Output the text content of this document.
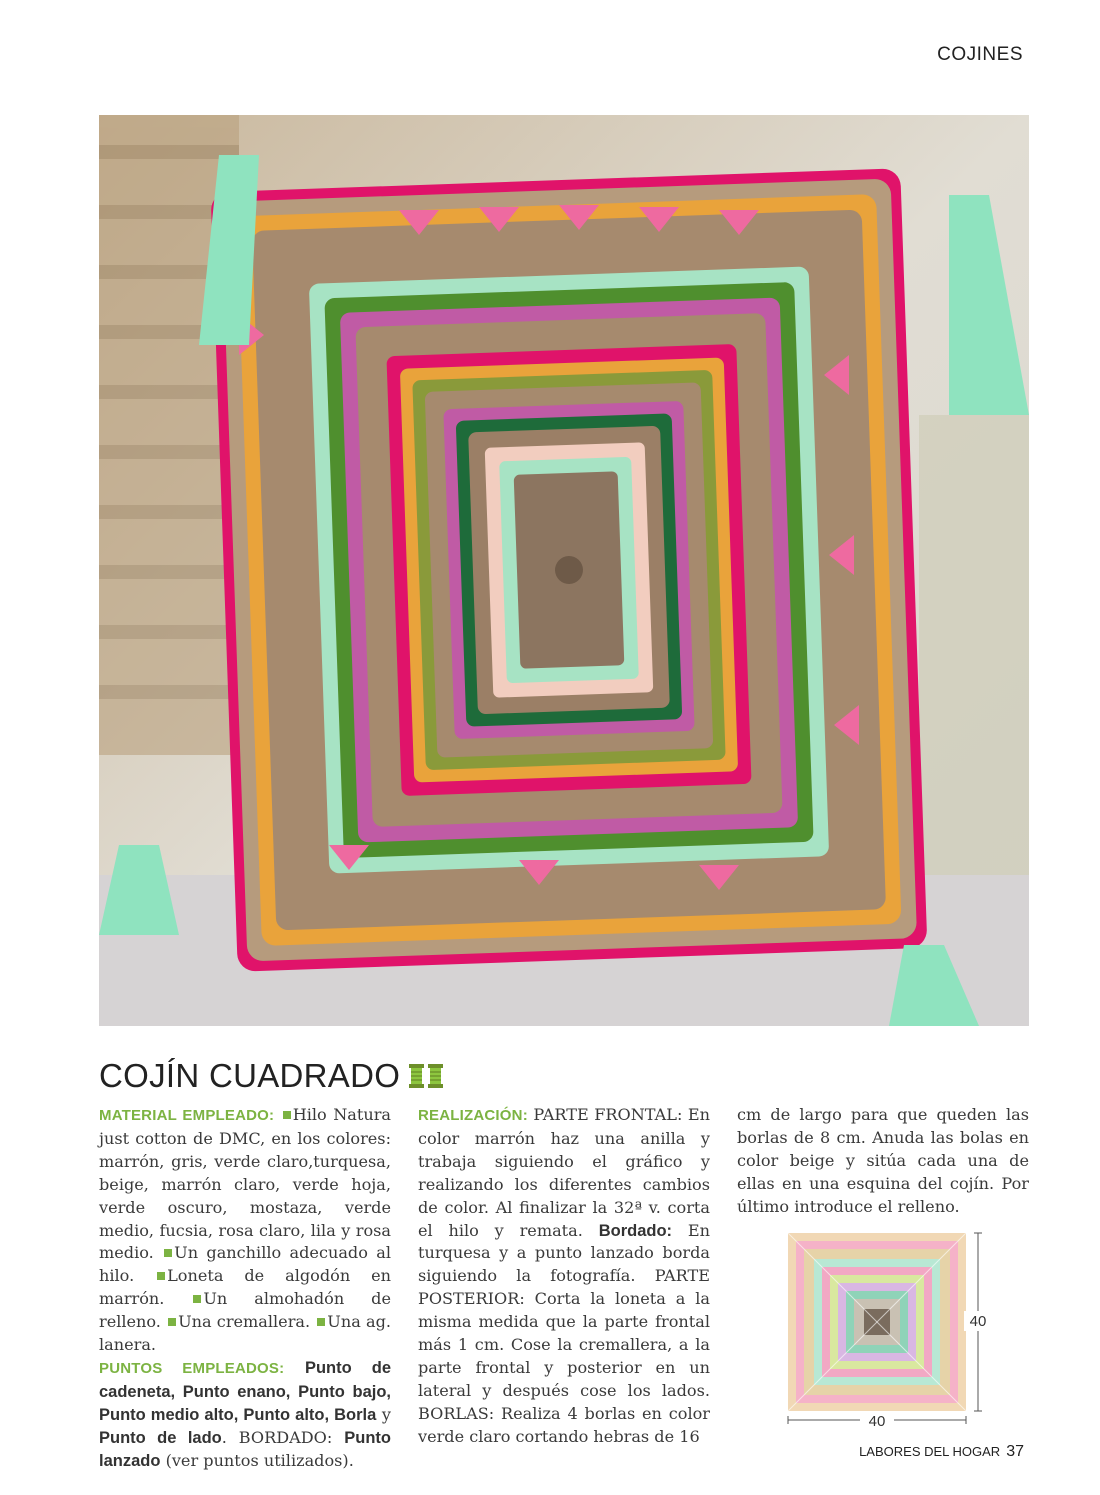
COJINES
COJÍN CUADRADO

MATERIAL EMPLEADO: Hilo Natura just cotton de DMC, en los colores: marrón, gris, verde claro,turquesa, beige, marrón claro, verde hoja, verde oscuro, mostaza, verde medio, fucsia, rosa claro, lila y rosa medio. Un ganchillo adecuado al hilo. Loneta de algodón en marrón. Un almohadón de relleno. Una cremallera. Una ag. lanera.

PUNTOS EMPLEADOS: Punto de cadeneta, Punto enano, Punto bajo, Punto medio alto, Punto alto, Borla y Punto de lado. BORDADO: Punto lanzado (ver puntos utilizados).

REALIZACIÓN: PARTE FRONTAL: En color marrón haz una anilla y trabaja siguiendo el gráfico y realizando los diferentes cambios de color. Al finalizar la 32ª v. corta el hilo y remata. Bordado: En turquesa y a punto lanzado borda siguiendo la fotografía. PARTE POSTERIOR: Corta la loneta a la misma medida que la parte frontal más 1 cm. Cose la cremallera, a la parte frontal y posterior en un lateral y después cose los lados. BORLAS: Realiza 4 borlas en color verde claro cortando hebras de 16

cm de largo para que queden las borlas de 8 cm. Anuda las bolas en color beige y sitúa cada una de ellas en una esquina del cojín. Por último introduce el relleno.

40
40
LABORES DEL HOGAR 37
